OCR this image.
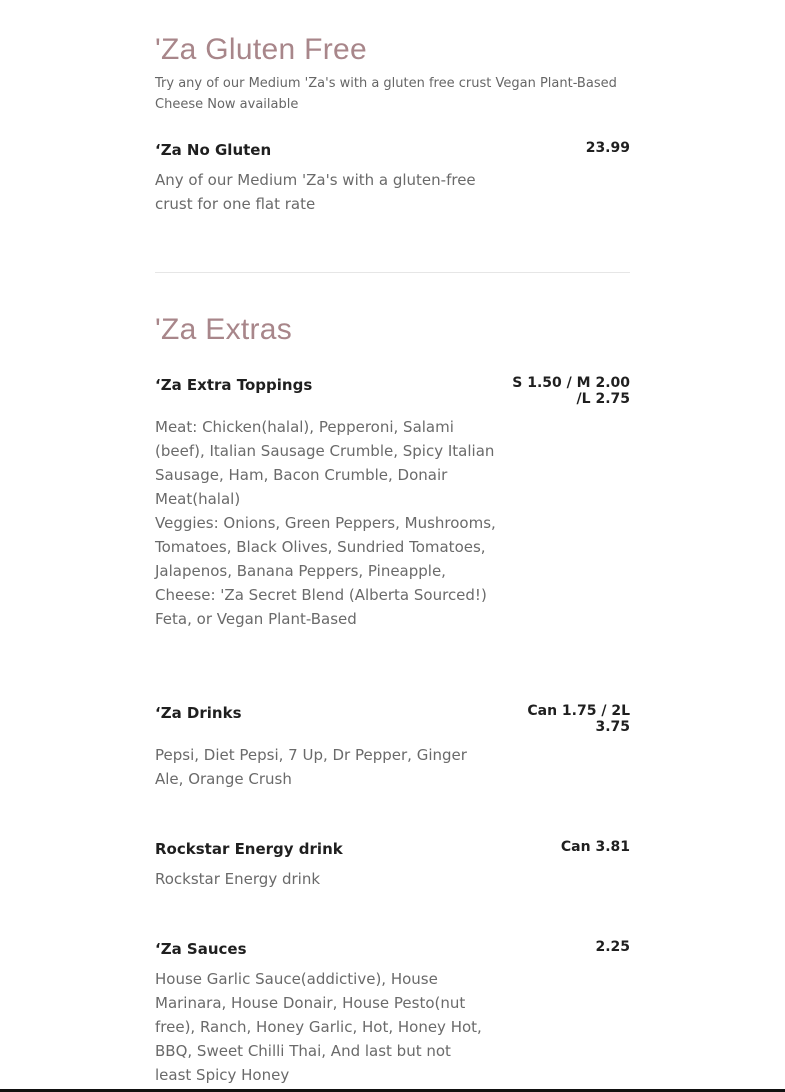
'Za Gluten Free

Try any of our Medium 'Za's with a gluten free crust Vegan Plant-Based Cheese Now available

‘Za No Gluten	23.99

Any of our Medium 'Za's with a gluten-free crust for one flat rate

'Za Extras
‘Za Extra Toppings	S 1.50 / M 2.00
/L 2.75

Meat: Chicken(halal), Pepperoni, Salami (beef), Italian Sausage Crumble, Spicy Italian Sausage, Ham, Bacon Crumble, Donair Meat(halal)
Veggies: Onions, Green Peppers, Mushrooms, Tomatoes, Black Olives, Sundried Tomatoes, Jalapenos, Banana Peppers, Pineapple,
Cheese: 'Za Secret Blend (Alberta Sourced!) Feta, or Vegan Plant-Based

‘Za Drinks	Can 1.75 / 2L
3.75

Pepsi, Diet Pepsi, 7 Up, Dr Pepper, Ginger Ale, Orange Crush

Rockstar Energy drink	Can 3.81

Rockstar Energy drink

‘Za Sauces	2.25

House Garlic Sauce(addictive), House Marinara, House Donair, House Pesto(nut free), Ranch, Honey Garlic, Hot, Honey Hot, BBQ, Sweet Chilli Thai, And last but not least Spicy Honey
